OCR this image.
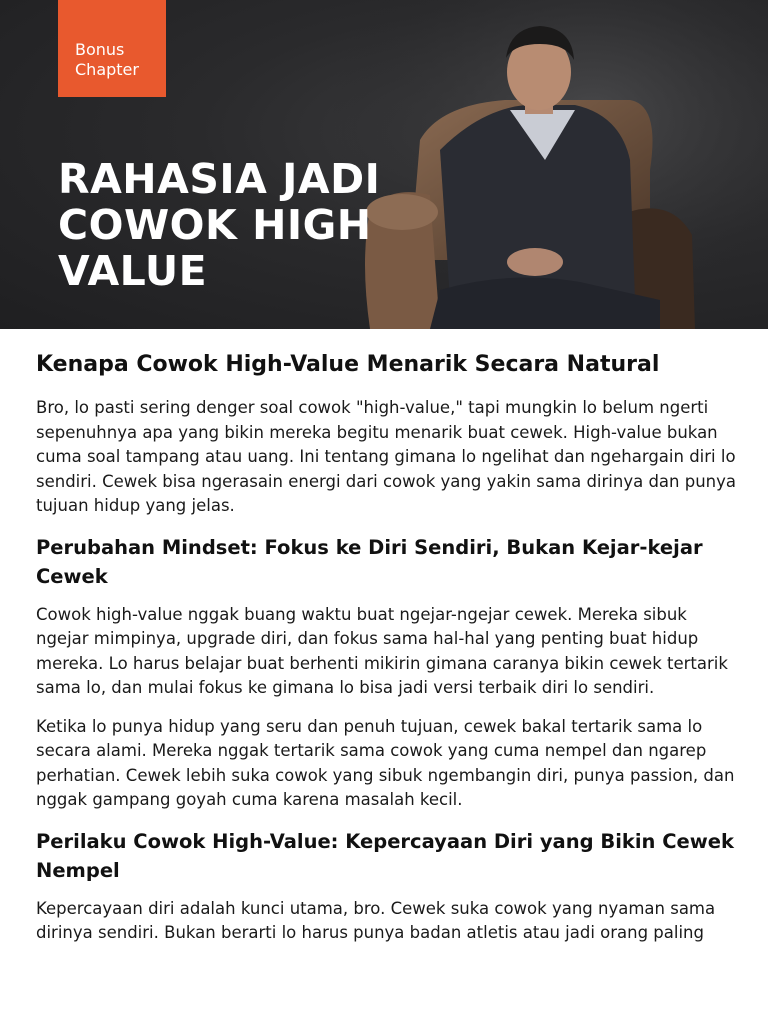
Bonus
Chapter
RAHASIA JADI
COWOK HIGH
VALUE
Kenapa Cowok High-Value Menarik Secara Natural

Bro, lo pasti sering denger soal cowok "high-value," tapi mungkin lo belum ngerti sepenuhnya apa yang bikin mereka begitu menarik buat cewek. High-value bukan cuma soal tampang atau uang. Ini tentang gimana lo ngelihat dan ngehargain diri lo sendiri. Cewek bisa ngerasain energi dari cowok yang yakin sama dirinya dan punya tujuan hidup yang jelas.

Perubahan Mindset: Fokus ke Diri Sendiri, Bukan Kejar-kejar Cewek

Cowok high-value nggak buang waktu buat ngejar-ngejar cewek. Mereka sibuk ngejar mimpinya, upgrade diri, dan fokus sama hal-hal yang penting buat hidup mereka. Lo harus belajar buat berhenti mikirin gimana caranya bikin cewek tertarik sama lo, dan mulai fokus ke gimana lo bisa jadi versi terbaik diri lo sendiri.

Ketika lo punya hidup yang seru dan penuh tujuan, cewek bakal tertarik sama lo secara alami. Mereka nggak tertarik sama cowok yang cuma nempel dan ngarep perhatian. Cewek lebih suka cowok yang sibuk ngembangin diri, punya passion, dan nggak gampang goyah cuma karena masalah kecil.

Perilaku Cowok High-Value: Kepercayaan Diri yang Bikin Cewek Nempel

Kepercayaan diri adalah kunci utama, bro. Cewek suka cowok yang nyaman sama dirinya sendiri. Bukan berarti lo harus punya badan atletis atau jadi orang paling
